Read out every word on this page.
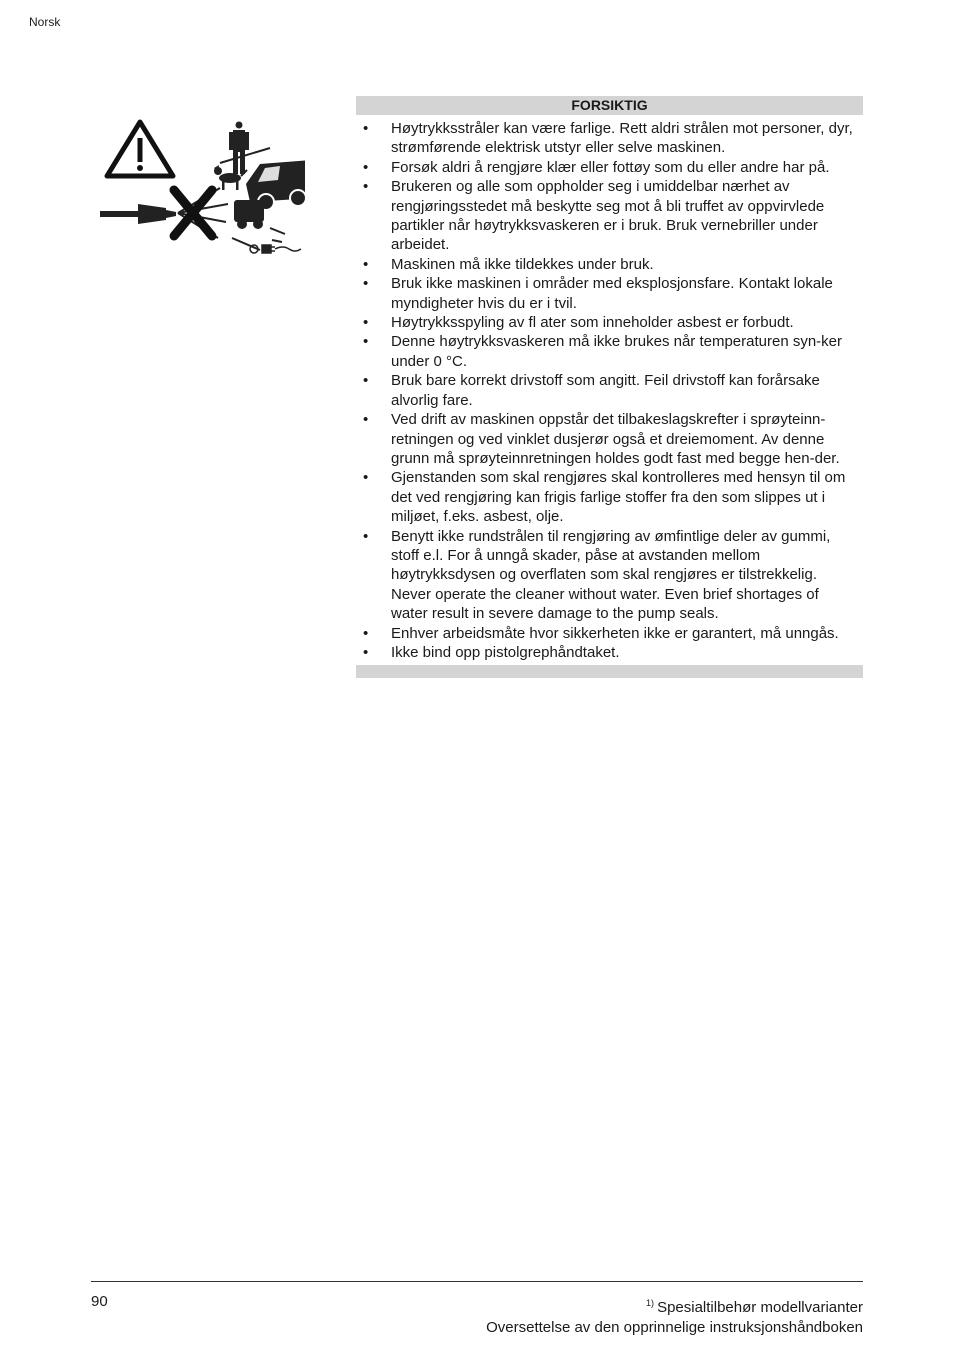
Norsk
FORSIKTIG
• Høytrykksstråler kan være farlige. Rett aldri strålen mot personer, dyr, strømførende elektrisk utstyr eller selve maskinen.
• Forsøk aldri å rengjøre klær eller fottøy som du eller andre har på.
• Brukeren og alle som oppholder seg i umiddelbar nærhet av rengjøringsstedet må beskytte seg mot å bli truffet av oppvirvlede partikler når høytrykksvaskeren er i bruk. Bruk vernebriller under arbeidet.
• Maskinen må ikke tildekkes under bruk.
• Bruk ikke maskinen i områder med eksplosjonsfare. Kontakt lokale myndigheter hvis du er i tvil.
• Høytrykksspyling av fl ater som inneholder asbest er forbudt.
• Denne høytrykksvaskeren må ikke brukes når temperaturen syn-ker under 0 °C.
• Bruk bare korrekt drivstoff som angitt. Feil drivstoff kan forårsake alvorlig fare.
• Ved drift av maskinen oppstår det tilbakeslagskrefter i sprøyteinn-retningen og ved vinklet dusjerør også et dreiemoment. Av denne grunn må sprøyteinnretningen holdes godt fast med begge hen-der.
• Gjenstanden som skal rengjøres skal kontrolleres med hensyn til om det ved rengjøring kan frigis farlige stoffer fra den som slippes ut i miljøet, f.eks. asbest, olje.
• Benytt ikke rundstrålen til rengjøring av ømfintlige deler av gummi, stoff e.l. For å unngå skader, påse at avstanden mellom høytrykksdysen og overflaten som skal rengjøres er tilstrekkelig. Never operate the cleaner without water. Even brief shortages of water result in severe damage to the pump seals.
• Enhver arbeidsmåte hvor sikkerheten ikke er garantert, må unngås.
• Ikke bind opp pistolgrephåndtaket.
90	$^{1)}$ Spesialtilbehør modellvarianter
Oversettelse av den opprinnelige instruksjonshåndboken
